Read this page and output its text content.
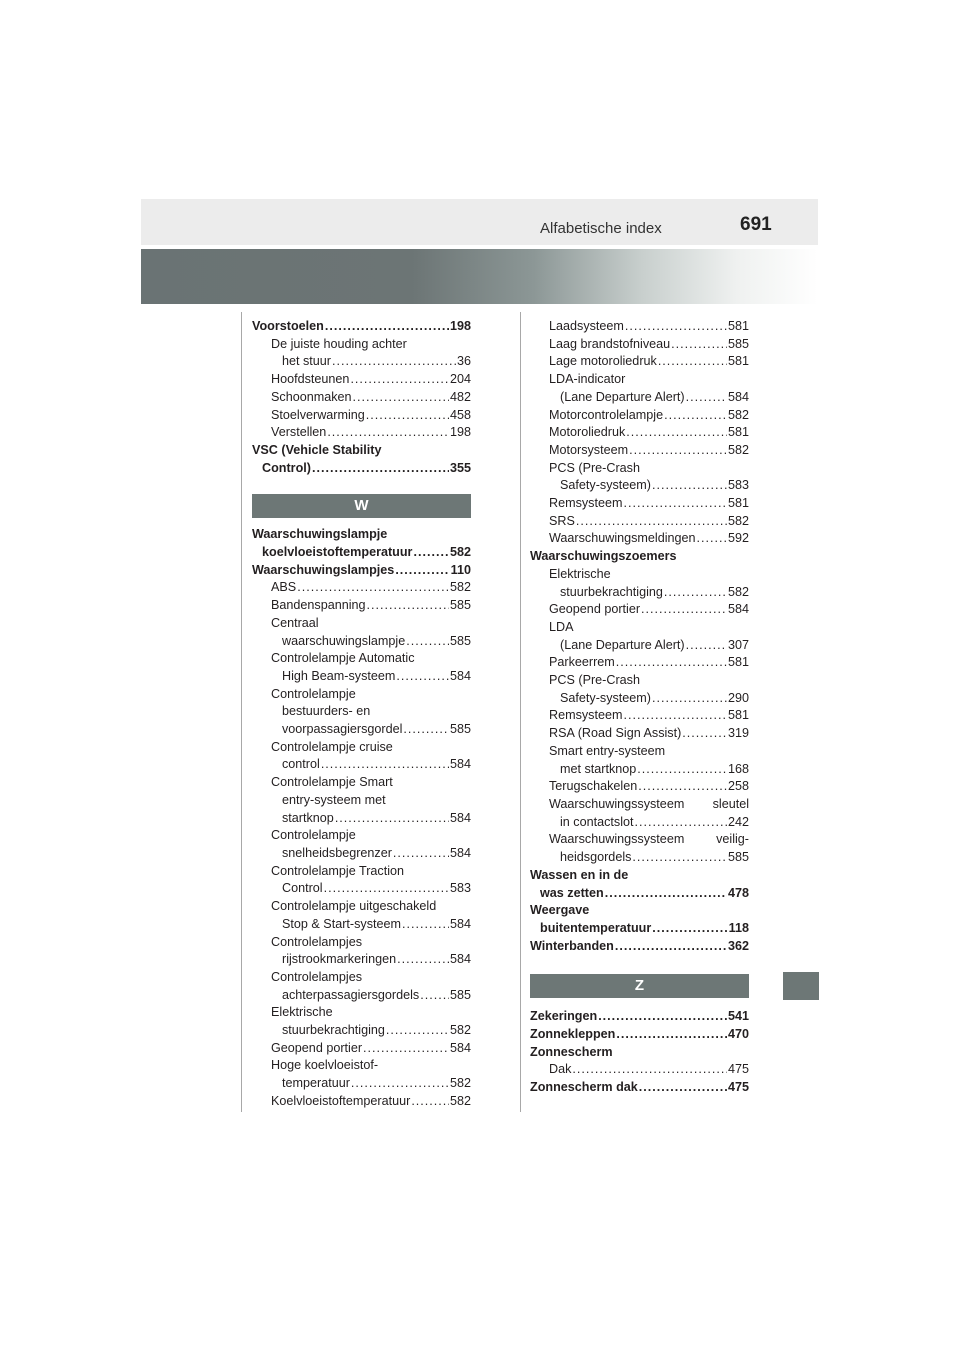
Alfabetische index	691
Voorstoelen .....	198
De juiste houding achter
het stuur .....	36
Hoofdsteunen .....	204
Schoonmaken .....	482
Stoelverwarming .....	458
Verstellen .....	198
VSC (Vehicle Stability
Control) .....	355
W
Waarschuwingslampje
koelvloeistoftemperatuur .....	582
Waarschuwingslampjes .....	110
ABS .....	582
Bandenspanning .....	585
Centraal
waarschuwingslampje .....	585
Controlelampje Automatic
High Beam-systeem .....	584
Controlelampje
bestuurders- en
voorpassagiersgordel .....	585
Controlelampje cruise
control .....	584
Controlelampje Smart
entry-systeem met
startknop .....	584
Controlelampje
snelheidsbegrenzer .....	584
Controlelampje Traction
Control .....	583
Controlelampje uitgeschakeld
Stop & Start-systeem .....	584
Controlelampjes
rijstrookmarkeringen .....	584
Controlelampjes
achterpassagiersgordels ..... 585
Elektrische
stuurbekrachtiging .....	582
Geopend portier .....	584
Hoge koelvloeistof-
temperatuur .....	582
Koelvloeistoftemperatuur .....	582
Laadsysteem .....	581
Laag brandstofniveau .....	585
Lage motoroliedruk .....	581
LDA-indicator
(Lane Departure Alert) .....	584
Motorcontrolelampje .....	582
Motoroliedruk .....	581
Motorsysteem .....	582
PCS (Pre-Crash
Safety-systeem) .....	583
Remsysteem .....	581
SRS .....	582
Waarschuwingsmeldingen .....	592
Waarschuwingszoemers
Elektrische
stuurbekrachtiging .....	582
Geopend portier .....	584
LDA
(Lane Departure Alert) .....	307
Parkeerrem .....	581
PCS (Pre-Crash
Safety-systeem) .....	290
Remsysteem .....	581
RSA (Road Sign Assist) .....	319
Smart entry-systeem
met startknop .....	168
Terugschakelen .....	258
Waarschuwingssysteem sleutel
in contactslot .....	242
Waarschuwingssysteem	veilig-
heidsgordels .....	585
Wassen en in de
was zetten .....	478
Weergave
buitentemperatuur .....	118
Winterbanden .....	362
Z
Zekeringen .....	541
Zonnekleppen .....	470
Zonnescherm
Dak .....	475
Zonnescherm dak .....	475
